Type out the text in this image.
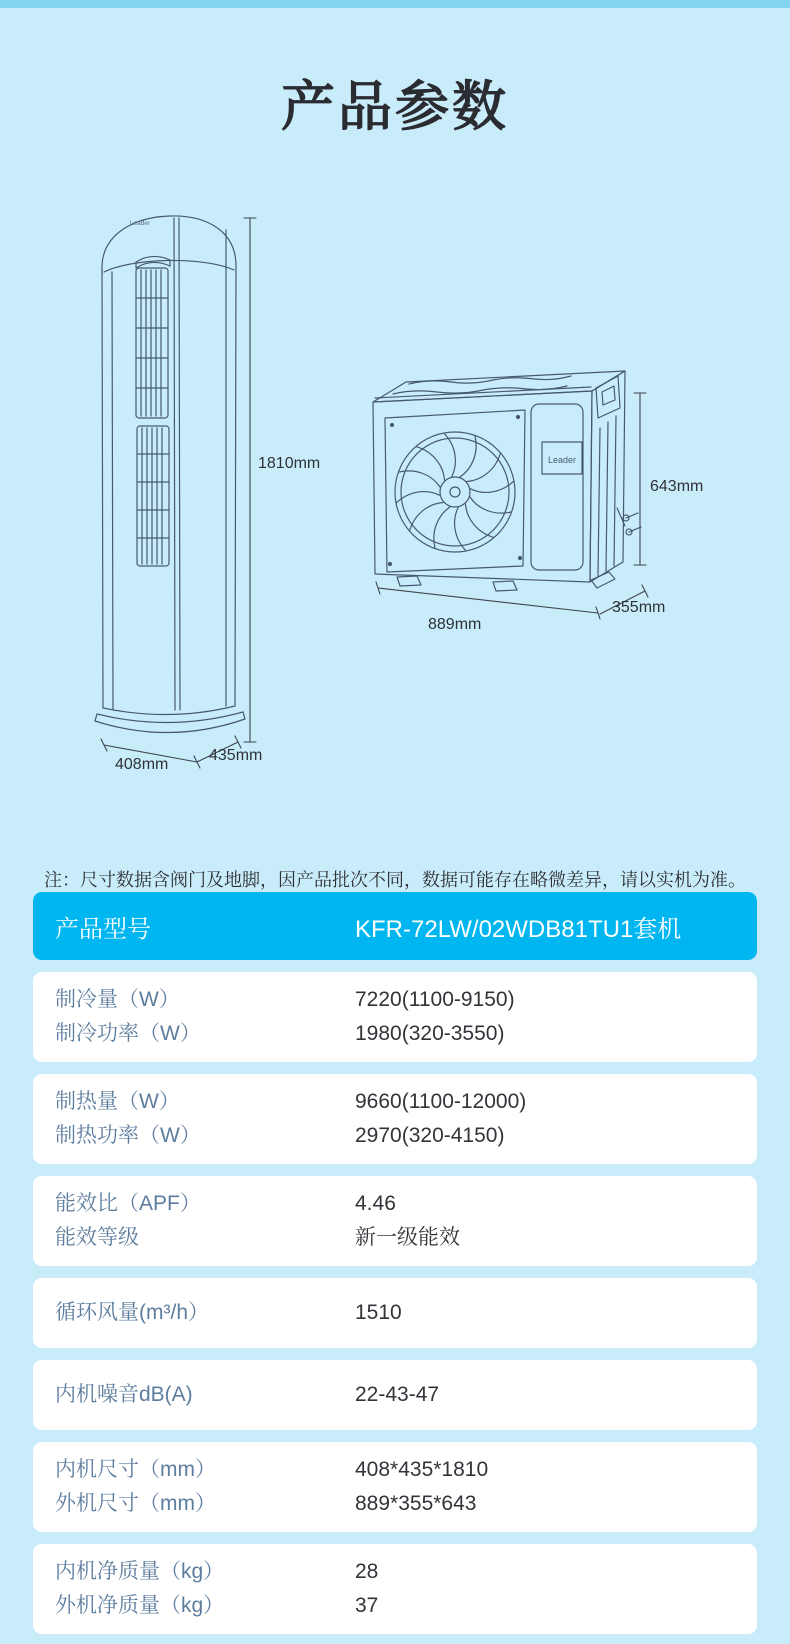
产品参数
Leader
Leader
1810mm
408mm
435mm
643mm
889mm
355mm

注：尺寸数据含阀门及地脚，因产品批次不同，数据可能存在略微差异，请以实机为准。

产品型号	KFR-72LW/02WDB81TU1套机
制冷量（W）	7220(1100-9150)
制冷功率（W）	1980(320-3550)
制热量（W）	9660(1100-12000)
制热功率（W）	2970(320-4150)
能效比（APF）	4.46
能效等级	新一级能效
循环风量(m³/h）	1510
内机噪音dB(A)	22-43-47
内机尺寸（mm）	408*435*1810
外机尺寸（mm）	889*355*643
内机净质量（kg）	28
外机净质量（kg）	37
